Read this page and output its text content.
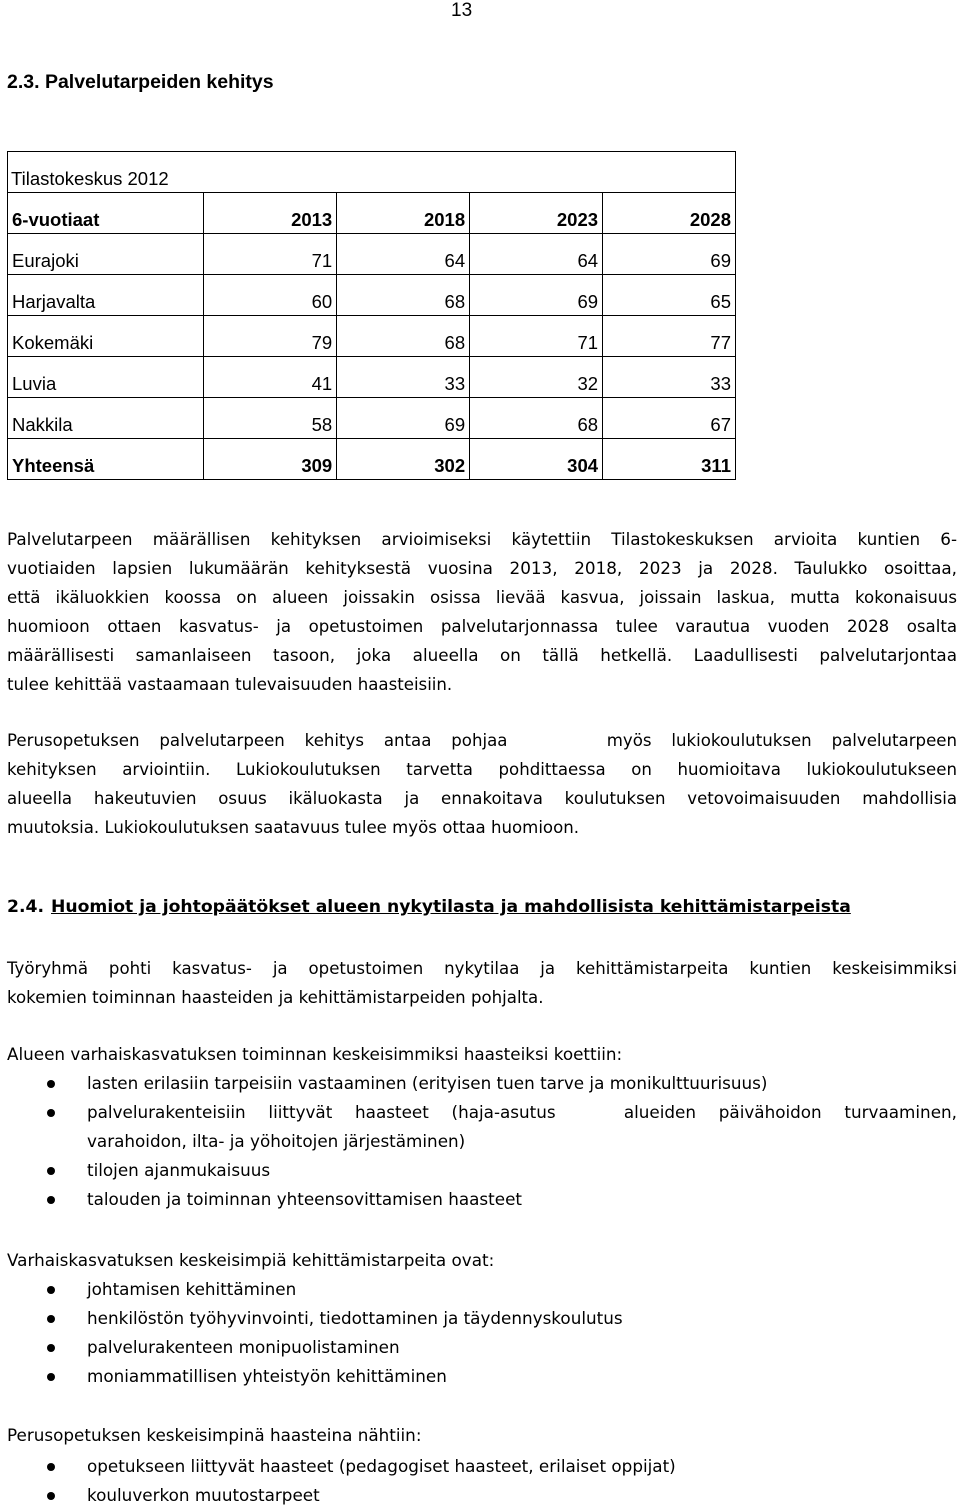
13
2.3. Palvelutarpeiden kehitys
Tilastokeskus 2012				
6-vuotiaat	2013	2018	2023	2028
Eurajoki	71	64	64	69
Harjavalta	60	68	69	65
Kokemäki	79	68	71	77
Luvia	41	33	32	33
Nakkila	58	69	68	67
Yhteensä	309	302	304	311
Palvelutarpeen määrällisen kehityksen arvioimiseksi käytettiin Tilastokeskuksen arvioita kuntien 6-
vuotiaiden lapsien lukumäärän kehityksestä vuosina 2013, 2018, 2023 ja 2028. Taulukko osoittaa,
että ikäluokkien koossa on alueen joissakin osissa lievää kasvua, joissain laskua, mutta kokonaisuus
huomioon ottaen kasvatus- ja opetustoimen palvelutarjonnassa tulee varautua vuoden 2028 osalta
määrällisesti samanlaiseen tasoon, joka alueella on tällä hetkellä. Laadullisesti palvelutarjontaa
tulee kehittää vastaamaan tulevaisuuden haasteisiin.
Perusopetuksen palvelutarpeen kehitys antaa pohjaa     myös lukiokoulutuksen palvelutarpeen
kehityksen arviointiin. Lukiokoulutuksen tarvetta pohdittaessa on huomioitava lukiokoulutukseen
alueella hakeutuvien osuus ikäluokasta ja ennakoitava koulutuksen vetovoimaisuuden mahdollisia
muutoksia. Lukiokoulutuksen saatavuus tulee myös ottaa huomioon.
2.4. Huomiot ja johtopäätökset alueen nykytilasta ja mahdollisista kehittämistarpeista
Työryhmä pohti kasvatus- ja opetustoimen nykytilaa ja kehittämistarpeita kuntien keskeisimmiksi
kokemien toiminnan haasteiden ja kehittämistarpeiden pohjalta.
Alueen varhaiskasvatuksen toiminnan keskeisimmiksi haasteiksi koettiin:
lasten erilasiin tarpeisiin vastaaminen (erityisen tuen tarve ja monikulttuurisuus)
palvelurakenteisiin liittyvät haasteet (haja-asutus   alueiden päivähoidon turvaaminen,
varahoidon, ilta- ja yöhoitojen järjestäminen)
tilojen ajanmukaisuus
talouden ja toiminnan yhteensovittamisen haasteet
Varhaiskasvatuksen keskeisimpiä kehittämistarpeita ovat:
johtamisen kehittäminen
henkilöstön työhyvinvointi, tiedottaminen ja täydennyskoulutus
palvelurakenteen monipuolistaminen
moniammatillisen yhteistyön kehittäminen
Perusopetuksen keskeisimpinä haasteina nähtiin:
opetukseen liittyvät haasteet (pedagogiset haasteet, erilaiset oppijat)
kouluverkon muutostarpeet
